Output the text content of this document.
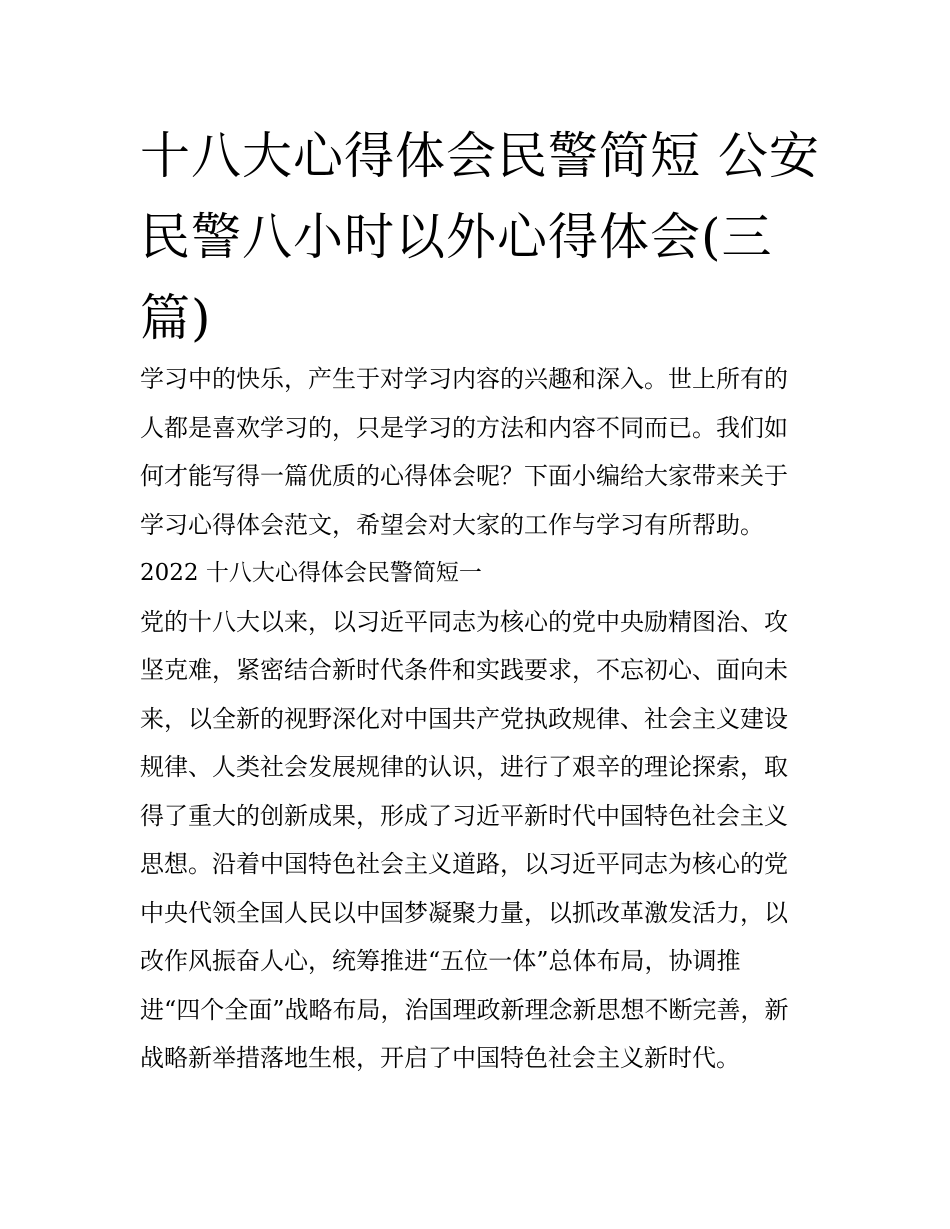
十八大心得体会民警简短 公安
民警八小时以外心得体会(三
篇)
学习中的快乐，产生于对学习内容的兴趣和深入。世上所有的
人都是喜欢学习的，只是学习的方法和内容不同而已。我们如
何才能写得一篇优质的心得体会呢？下面小编给大家带来关于
学习心得体会范文，希望会对大家的工作与学习有所帮助。
2022 十八大心得体会民警简短一
党的十八大以来，以习近平同志为核心的党中央励精图治、攻
坚克难，紧密结合新时代条件和实践要求，不忘初心、面向未
来，以全新的视野深化对中国共产党执政规律、社会主义建设
规律、人类社会发展规律的认识，进行了艰辛的理论探索，取
得了重大的创新成果，形成了习近平新时代中国特色社会主义
思想。沿着中国特色社会主义道路，以习近平同志为核心的党
中央代领全国人民以中国梦凝聚力量，以抓改革激发活力，以
改作风振奋人心，统筹推进“五位一体”总体布局，协调推
进“四个全面”战略布局，治国理政新理念新思想不断完善，新
战略新举措落地生根，开启了中国特色社会主义新时代。
